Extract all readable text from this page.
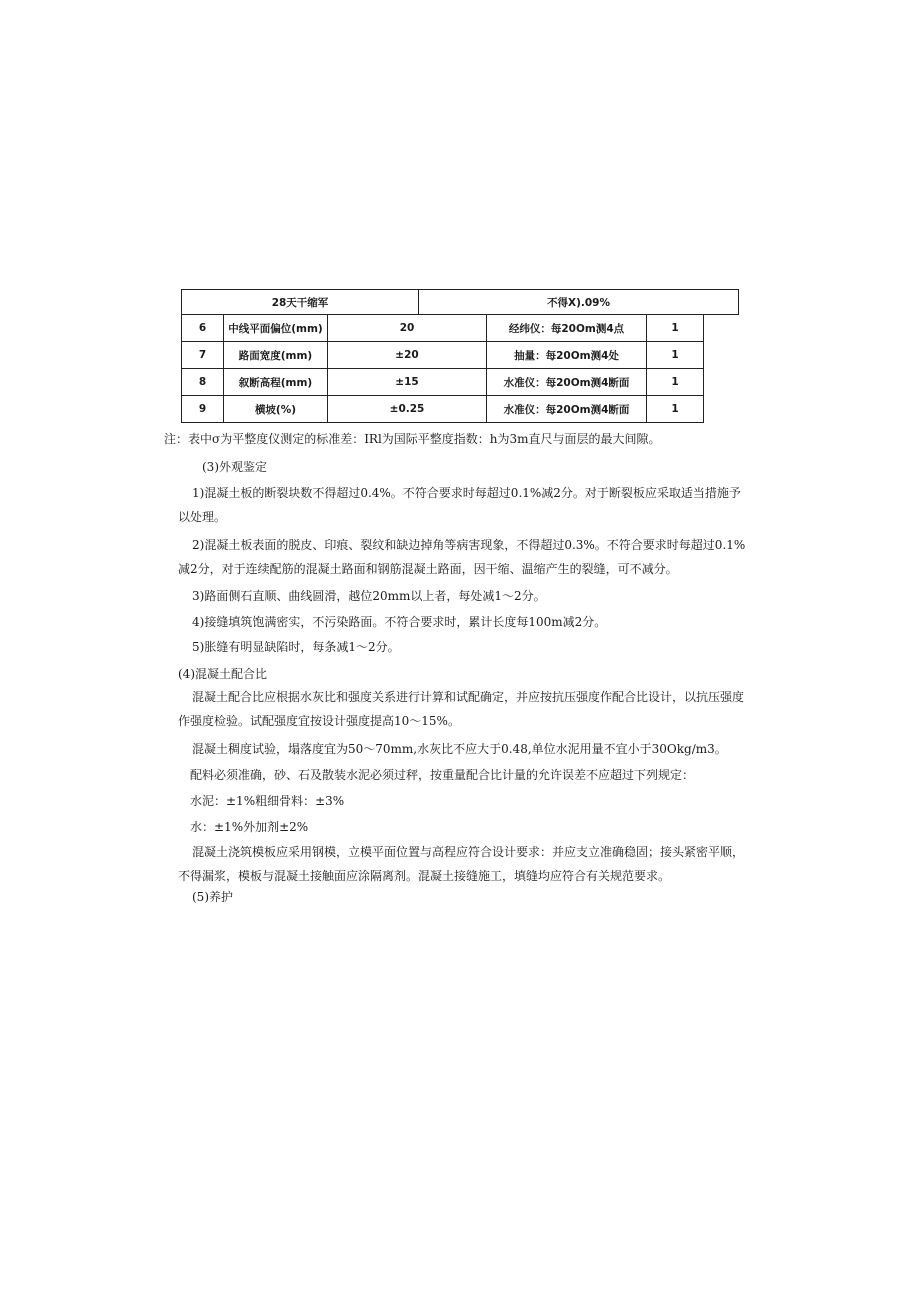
28天干缩军	不得X).09%
6	中线平面偏位(mm)	20	经纬仪：每20Om测4点	1
7	路面宽度(mm)	±20	抽量：每20Om测4处	1
8	叙断高程(mm)	±15	水准仪：每20Om测4断面	1
9	横坡(%)	±0.25	水准仪：每20Om测4断面	1
注：表中σ为平整度仪测定的标准差：IRl为国际平整度指数：h为3m直尺与面层的最大间隙。
(3)外观鉴定
1)混凝土板的断裂块数不得超过0.4%。不符合要求时每超过0.1%减2分。对于断裂板应采取适当措施予以处理。
2)混凝土板表面的脱皮、印痕、裂纹和缺边掉角等病害现象，不得超过0.3%。不符合要求时每超过0.1%减2分，对于连续配筋的混凝土路面和钢筋混凝土路面，因干缩、温缩产生的裂缝，可不减分。
3)路面侧石直顺、曲线圆滑，越位20mm以上者，每处减1〜2分。
4)接缝填筑饱满密实，不污染路面。不符合要求时，累计长度每100m减2分。
5)胀缝有明显缺陷时，每条减1〜2分。
(4)混凝土配合比
混凝土配合比应根据水灰比和强度关系进行计算和试配确定，并应按抗压强度作配合比设计，以抗压强度作强度检验。试配强度宜按设计强度提高10〜15%。
混凝土稠度试验，塌落度宜为50〜70mm,水灰比不应大于0.48,单位水泥用量不宜小于30Okg∕m3。
配料必须准确，砂、石及散装水泥必须过秤，按重量配合比计量的允许误差不应超过下列规定：
水泥：±1%粗细骨料：±3%
水：±1%外加剂±2%
混凝土浇筑模板应采用钢模，立模平面位置与高程应符合设计要求：并应支立准确稳固；接头紧密平顺，不得漏浆，模板与混凝土接触面应涂隔离剂。混凝土接缝施工，填缝均应符合有关规范要求。
(5)养护
